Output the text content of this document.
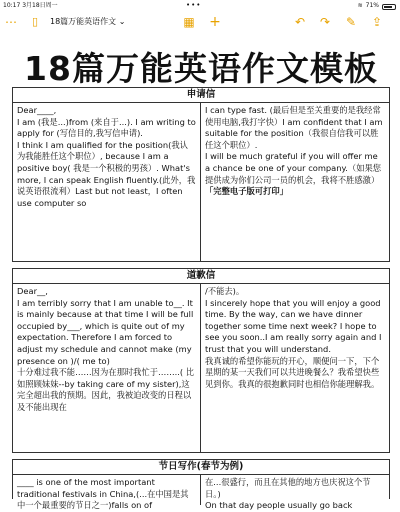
10:17 3月18日周一	•••	≋ 71%
⋯	▯	18篇万能英语作文 ⌄	▦ +	↶ ↷ ✎ ⇪
18篇万能英语作文模板
申请信

Dear____,

I am (我是...)from (来自于...). I am writing to apply for (写信目的,我写信申请).

I think I am qualified for the position(我认为我能胜任这个职位）, because I am a positive boy( 我是一个积极的男孩）. What's more, I can speak English fluently.(此外，我说英语很流利）Last but not least，I often use computer so

I can type fast. (最后但是至关重要的是我经常使用电脑,我打字快）I am confident that I am suitable for the position（我很自信我可以胜任这个职位）.

I will be much grateful if you will offer me a chance be one of your company.（如果您提供成为你们公司一员的机会，我将不胜感激）

「完整电子版可打印」

道歉信

Dear__,

I am terribly sorry that I am unable to__. It is mainly because at that time I will be full occupied by___, which is quite out of my expectation. Therefore I am forced to adjust my schedule and cannot make (my presence on )/( me to)

十分难过我不能……因为在那时我忙于……..( 比如照顾妹妹--by taking care of my sister),这完全超出我的预期。因此，我被迫改变的日程以及不能出现在

/不能去)。

I sincerely hope that you will enjoy a good time. By the way, can we have dinner together some time next week? I hope to see you soon..I am really sorry again and I trust that you will understand.

我真诚的希望你能玩的开心，顺便问一下，下个星期的某一天我们可以共进晚餐么？我希望快些见到你。我真的很抱歉同时也相信你能理解我。

节日写作(春节为例)

____ is one of the most important traditional festivals in China,(...在中国是其中一个最重要的节日之一)falls on of

在...很盛行，而且在其他的地方也庆祝这个节日。)

On that day people usually go back
